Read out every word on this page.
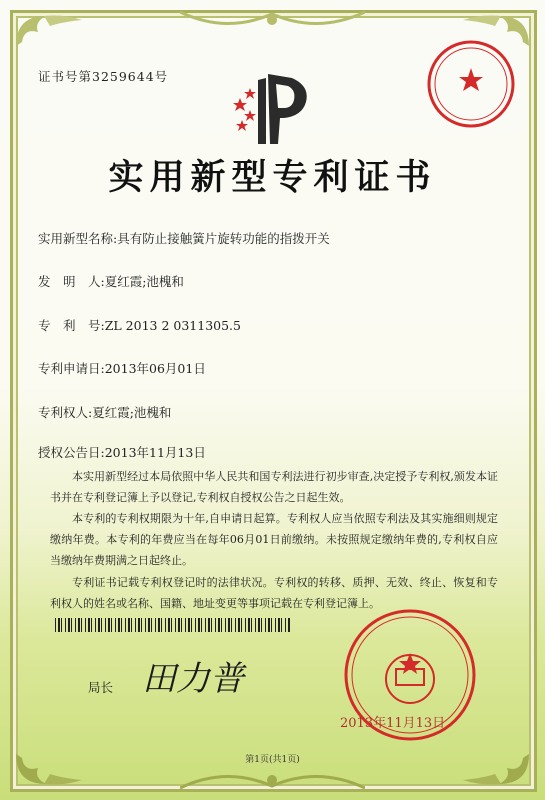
证书号第3259644号
实用新型专利证书
实用新型名称:具有防止接触簧片旋转功能的指拨开关
发　明　人:夏红霞;池槐和
专　利　号:ZL 2013 2 0311305.5
专利申请日:2013年06月01日
专利权人:夏红霞;池槐和
授权公告日:2013年11月13日
本实用新型经过本局依照中华人民共和国专利法进行初步审查,决定授予专利权,颁发本证书并在专利登记簿上予以登记,专利权自授权公告之日起生效。
本专利的专利权期限为十年,自申请日起算。专利权人应当依照专利法及其实施细则规定缴纳年费。本专利的年费应当在每年06月01日前缴纳。未按照规定缴纳年费的,专利权自应当缴纳年费期满之日起终止。
专利证书记载专利权登记时的法律状况。专利权的转移、质押、无效、终止、恢复和专利权人的姓名或名称、国籍、地址变更等事项记载在专利登记簿上。
局长 田力普
2013年11月13日
第1页(共1页)
